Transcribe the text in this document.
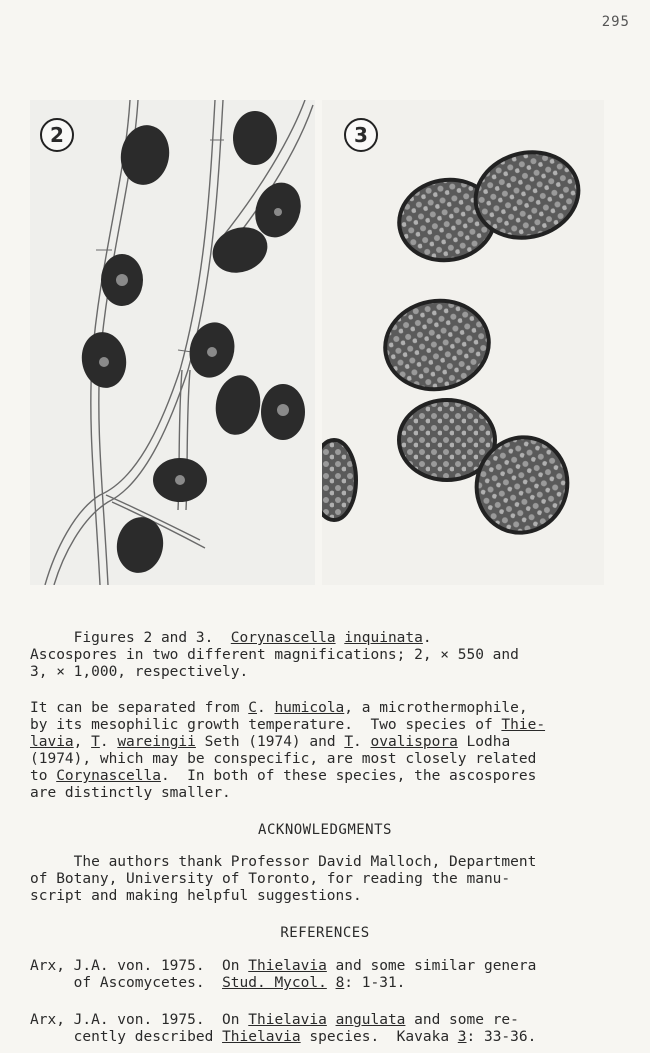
295
2	3
Figures 2 and 3.  Corynascella inquinata.
Ascospores in two different magnifications; 2, × 550 and
3, × 1,000, respectively.
It can be separated from C. humicola, a microthermophile,
by its mesophilic growth temperature.  Two species of Thie-
lavia, T. wareingii Seth (1974) and T. ovalispora Lodha
(1974), which may be conspecific, are most closely related
to Corynascella.  In both of these species, the ascospores
are distinctly smaller.
ACKNOWLEDGMENTS
The authors thank Professor David Malloch, Department
of Botany, University of Toronto, for reading the manu-
script and making helpful suggestions.
REFERENCES
Arx, J.A. von. 1975.  On Thielavia and some similar genera
of Ascomycetes.  Stud. Mycol. 8: 1-31.
Arx, J.A. von. 1975.  On Thielavia angulata and some re-
cently described Thielavia species.  Kavaka 3: 33-36.
